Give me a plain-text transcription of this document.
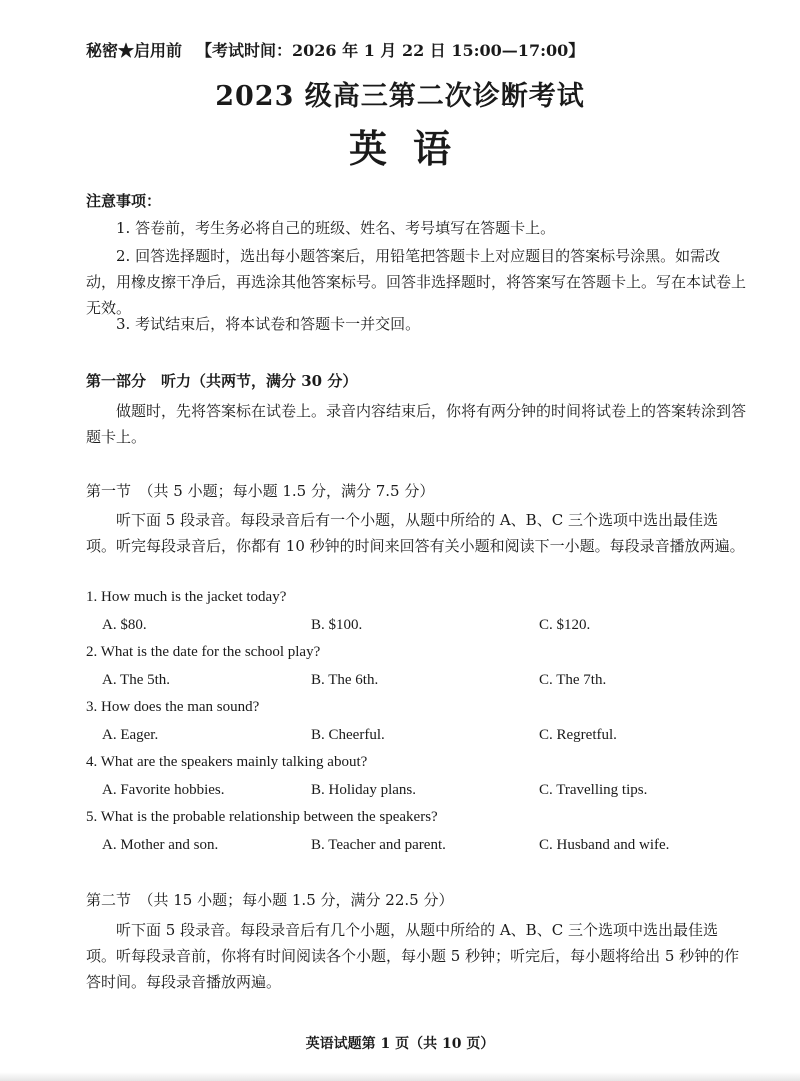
秘密★启用前 【考试时间：2026 年 1 月 22 日 15:00—17:00】
2023 级高三第二次诊断考试
英语
注意事项：
1. 答卷前，考生务必将自己的班级、姓名、考号填写在答题卡上。
2. 回答选择题时，选出每小题答案后，用铅笔把答题卡上对应题目的答案标号涂黑。如需改动，用橡皮擦干净后，再选涂其他答案标号。回答非选择题时，将答案写在答题卡上。写在本试卷上无效。
3. 考试结束后，将本试卷和答题卡一并交回。
第一部分　听力（共两节，满分 30 分）
做题时，先将答案标在试卷上。录音内容结束后，你将有两分钟的时间将试卷上的答案转涂到答题卡上。
第一节　（共 5 小题；每小题 1.5 分，满分 7.5 分）
听下面 5 段录音。每段录音后有一个小题，从题中所给的 A、B、C 三个选项中选出最佳选项。听完每段录音后，你都有 10 秒钟的时间来回答有关小题和阅读下一小题。每段录音播放两遍。
1. How much is the jacket today?
A. $80.	B. $100.	C. $120.
2. What is the date for the school play?
A. The 5th.	B. The 6th.	C. The 7th.
3. How does the man sound?
A. Eager.	B. Cheerful.	C. Regretful.
4. What are the speakers mainly talking about?
A. Favorite hobbies.	B. Holiday plans.	C. Travelling tips.
5. What is the probable relationship between the speakers?
A. Mother and son.	B. Teacher and parent.	C. Husband and wife.
第二节　（共 15 小题；每小题 1.5 分，满分 22.5 分）
听下面 5 段录音。每段录音后有几个小题，从题中所给的 A、B、C 三个选项中选出最佳选项。听每段录音前，你将有时间阅读各个小题，每小题 5 秒钟；听完后，每小题将给出 5 秒钟的作答时间。每段录音播放两遍。
英语试题第 1 页（共 10 页）
